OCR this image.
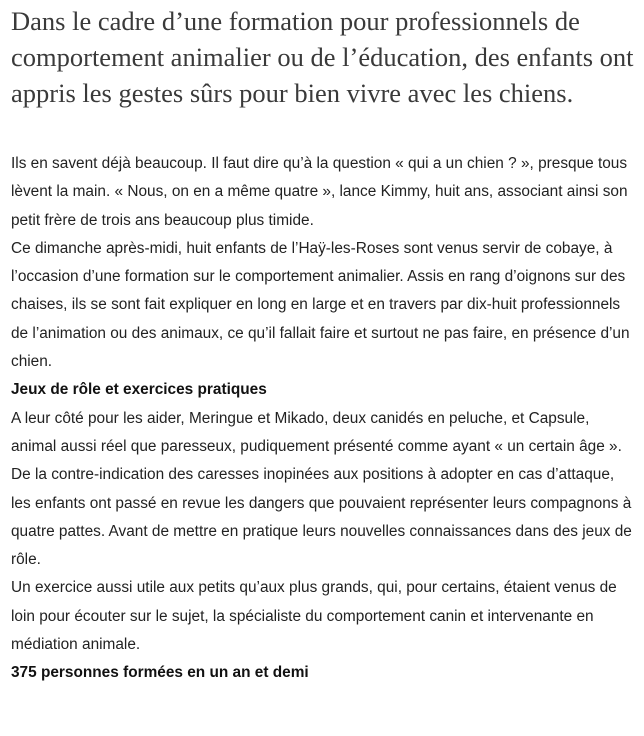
Dans le cadre d’une formation pour professionnels de comportement animalier ou de l’éducation, des enfants ont appris les gestes sûrs pour bien vivre avec les chiens.

Ils en savent déjà beaucoup. Il faut dire qu’à la question « qui a un chien ? », presque tous lèvent la main. « Nous, on en a même quatre », lance Kimmy, huit ans, associant ainsi son petit frère de trois ans beaucoup plus timide.

Ce dimanche après-midi, huit enfants de l’Haÿ-les-Roses sont venus servir de cobaye, à l’occasion d’une formation sur le comportement animalier. Assis en rang d’oignons sur des chaises, ils se sont fait expliquer en long en large et en travers par dix-huit professionnels de l’animation ou des animaux, ce qu’il fallait faire et surtout ne pas faire, en présence d’un chien.

Jeux de rôle et exercices pratiques

A leur côté pour les aider, Meringue et Mikado, deux canidés en peluche, et Capsule, animal aussi réel que paresseux, pudiquement présenté comme ayant « un certain âge ».

De la contre-indication des caresses inopinées aux positions à adopter en cas d’attaque, les enfants ont passé en revue les dangers que pouvaient représenter leurs compagnons à quatre pattes. Avant de mettre en pratique leurs nouvelles connaissances dans des jeux de rôle.

Un exercice aussi utile aux petits qu’aux plus grands, qui, pour certains, étaient venus de loin pour écouter sur le sujet, la spécialiste du comportement canin et intervenante en médiation animale.

375 personnes formées en un an et demi
